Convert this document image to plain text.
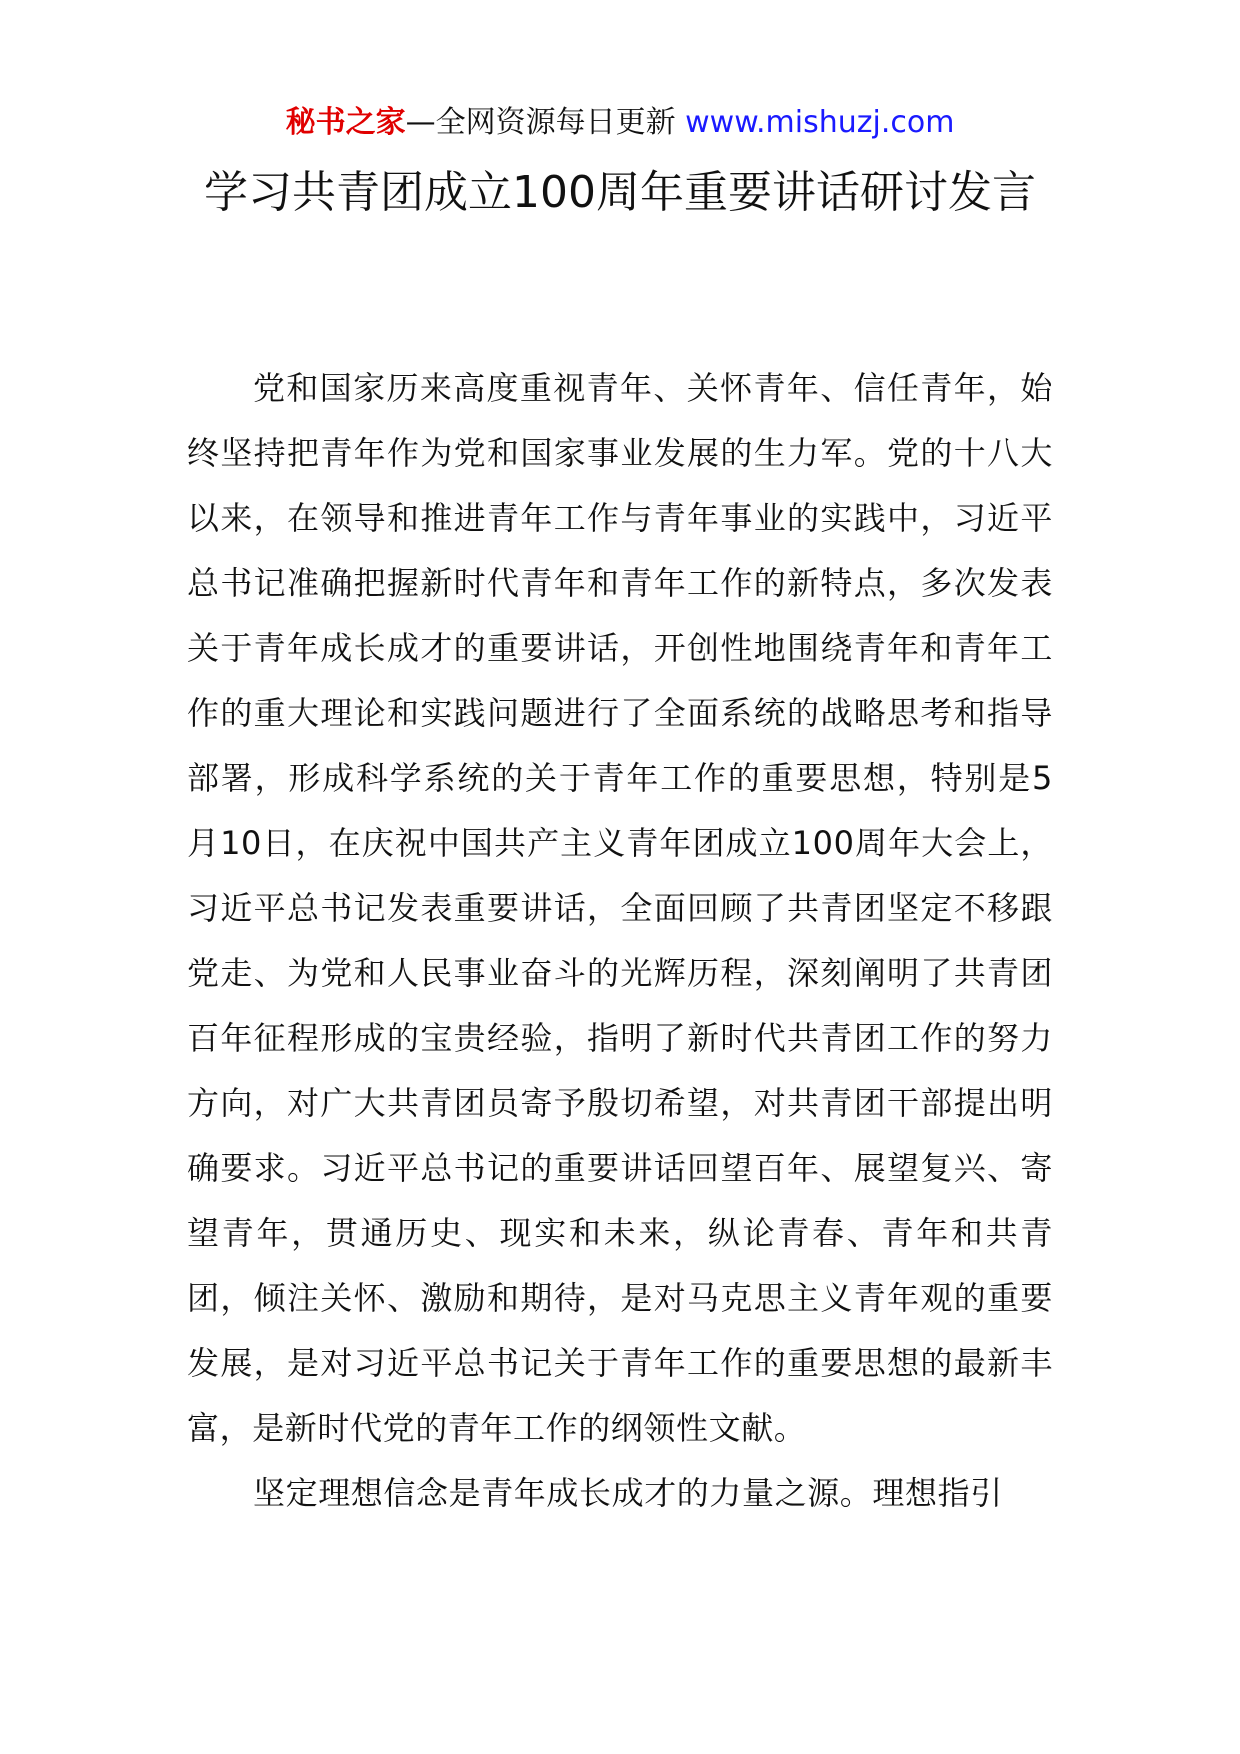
秘书之家—全网资源每日更新 www.mishuzj.com
学习共青团成立100周年重要讲话研讨发言

党和国家历来高度重视青年、关怀青年、信任青年，始终坚持把青年作为党和国家事业发展的生力军。党的十八大以来，在领导和推进青年工作与青年事业的实践中，习近平总书记准确把握新时代青年和青年工作的新特点，多次发表关于青年成长成才的重要讲话，开创性地围绕青年和青年工作的重大理论和实践问题进行了全面系统的战略思考和指导部署，形成科学系统的关于青年工作的重要思想，特别是5月10日，在庆祝中国共产主义青年团成立100周年大会上，习近平总书记发表重要讲话，全面回顾了共青团坚定不移跟党走、为党和人民事业奋斗的光辉历程，深刻阐明了共青团百年征程形成的宝贵经验，指明了新时代共青团工作的努力方向，对广大共青团员寄予殷切希望，对共青团干部提出明确要求。习近平总书记的重要讲话回望百年、展望复兴、寄望青年，贯通历史、现实和未来，纵论青春、青年和共青团，倾注关怀、激励和期待，是对马克思主义青年观的重要发展，是对习近平总书记关于青年工作的重要思想的最新丰富，是新时代党的青年工作的纲领性文献。

坚定理想信念是青年成长成才的力量之源。理想指引
